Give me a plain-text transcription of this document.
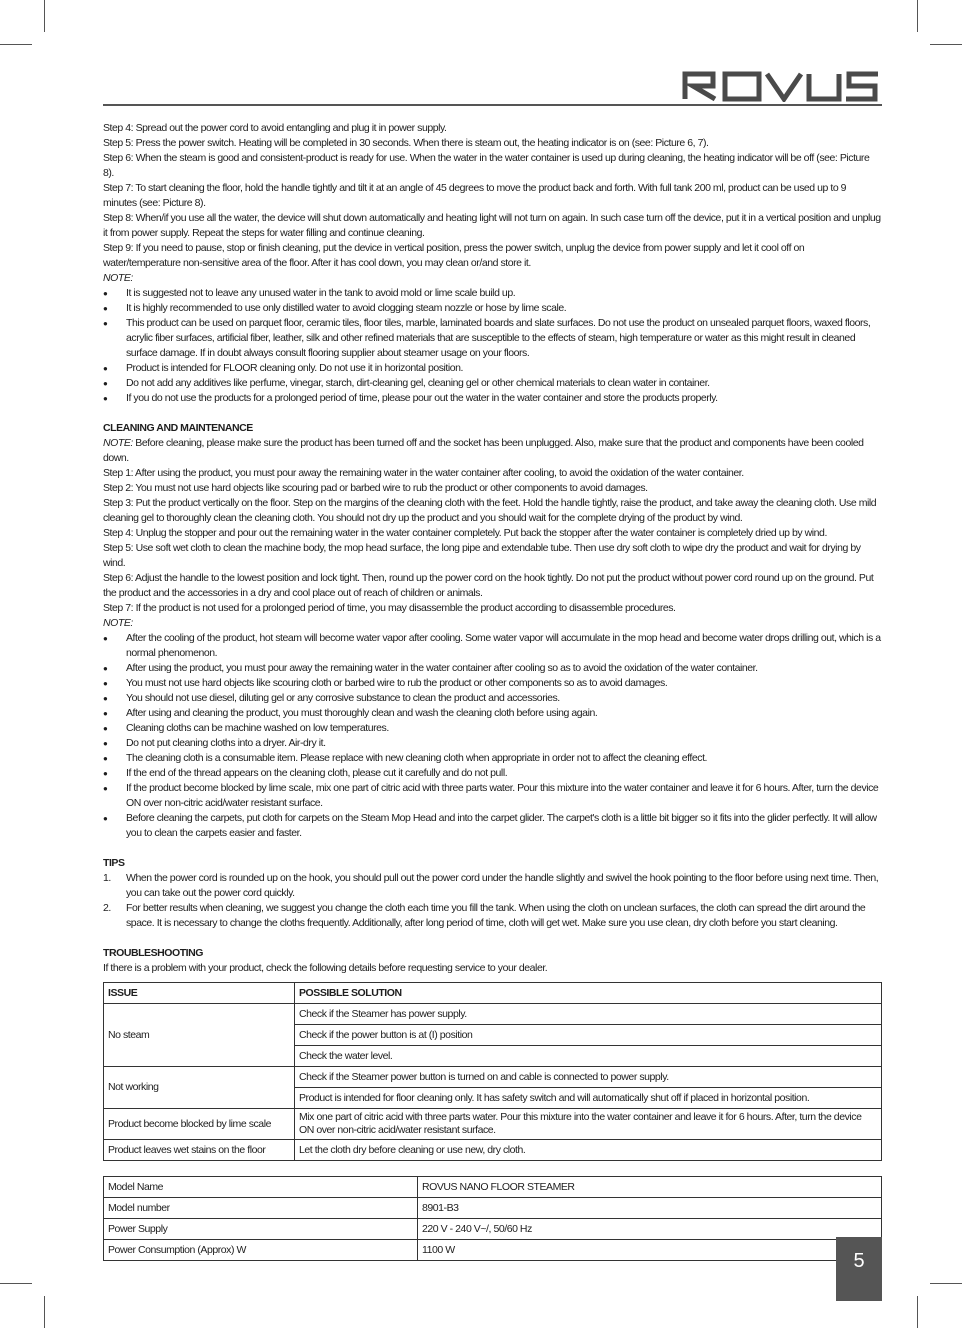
Step 4: Spread out the power cord to avoid entangling and plug it in power supply.

Step 5: Press the power switch. Heating will be completed in 30 seconds. When there is steam out, the heating indicator is on (see: Picture 6, 7).

Step 6: When the steam is good and consistent-product is ready for use. When the water in the water container is used up during cleaning, the heating indicator will be off (see: Picture 8).

Step 7: To start cleaning the floor, hold the handle tightly and tilt it at an angle of 45 degrees to move the product back and forth. With full tank 200 ml, product can be used up to 9 minutes (see: Picture 8).

Step 8: When/if you use all the water, the device will shut down automatically and heating light will not turn on again. In such case turn off the device, put it in a vertical position and unplug it from power supply. Repeat the steps for water filling and continue cleaning.

Step 9: If you need to pause, stop or finish cleaning, put the device in vertical position, press the power switch, unplug the device from power supply and let it cool off on water/temperature non-sensitive area of the floor. After it has cool down, you may clean or/and store it.

NOTE:

● It is suggested not to leave any unused water in the tank to avoid mold or lime scale build up.
● It is highly recommended to use only distilled water to avoid clogging steam nozzle or hose by lime scale.
● This product can be used on parquet floor, ceramic tiles, floor tiles, marble, laminated boards and slate surfaces. Do not use the product on unsealed parquet floors, waxed floors, acrylic fiber surfaces, artificial fiber, leather, silk and other refined materials that are susceptible to the effects of steam, high temperature or water as this might result in cleaned surface damage. If in doubt always consult flooring supplier about steamer usage on your floors.
● Product is intended for FLOOR cleaning only. Do not use it in horizontal position.
● Do not add any additives like perfume, vinegar, starch, dirt-cleaning gel, cleaning gel or other chemical materials to clean water in container.
● If you do not use the products for a prolonged period of time, please pour out the water in the water container and store the products properly.

CLEANING AND MAINTENANCE

NOTE: Before cleaning, please make sure the product has been turned off and the socket has been unplugged. Also, make sure that the product and components have been cooled down.

Step 1: After using the product, you must pour away the remaining water in the water container after cooling, to avoid the oxidation of the water container.

Step 2: You must not use hard objects like scouring pad or barbed wire to rub the product or other components to avoid damages.

Step 3: Put the product vertically on the floor. Step on the margins of the cleaning cloth with the feet. Hold the handle tightly, raise the product, and take away the cleaning cloth. Use mild cleaning gel to thoroughly clean the cleaning cloth. You should not dry up the product and you should wait for the complete drying of the product by wind.

Step 4: Unplug the stopper and pour out the remaining water in the water container completely. Put back the stopper after the water container is completely dried up by wind.

Step 5: Use soft wet cloth to clean the machine body, the mop head surface, the long pipe and extendable tube. Then use dry soft cloth to wipe dry the product and wait for drying by wind.

Step 6: Adjust the handle to the lowest position and lock tight. Then, round up the power cord on the hook tightly. Do not put the product without power cord round up on the ground. Put the product and the accessories in a dry and cool place out of reach of children or animals.

Step 7: If the product is not used for a prolonged period of time, you may disassemble the product according to disassemble procedures.

NOTE:

● After the cooling of the product, hot steam will become water vapor after cooling. Some water vapor will accumulate in the mop head and become water drops drilling out, which is a normal phenomenon.
● After using the product, you must pour away the remaining water in the water container after cooling so as to avoid the oxidation of the water container.
● You must not use hard objects like scouring cloth or barbed wire to rub the product or other components so as to avoid damages.
● You should not use diesel, diluting gel or any corrosive substance to clean the product and accessories.
● After using and cleaning the product, you must thoroughly clean and wash the cleaning cloth before using again.
● Cleaning cloths can be machine washed on low temperatures.
● Do not put cleaning cloths into a dryer. Air-dry it.
● The cleaning cloth is a consumable item. Please replace with new cleaning cloth when appropriate in order not to affect the cleaning effect.
● If the end of the thread appears on the cleaning cloth, please cut it carefully and do not pull.
● If the product become blocked by lime scale, mix one part of citric acid with three parts water. Pour this mixture into the water container and leave it for 6 hours. After, turn the device ON over non-citric acid/water resistant surface.
● Before cleaning the carpets, put cloth for carpets on the Steam Mop Head and into the carpet glider. The carpet's cloth is a little bit bigger so it fits into the glider perfectly. It will allow you to clean the carpets easier and faster.

TIPS

1. When the power cord is rounded up on the hook, you should pull out the power cord under the handle slightly and swivel the hook pointing to the floor before using next time. Then, you can take out the power cord quickly.
2. For better results when cleaning, we suggest you change the cloth each time you fill the tank. When using the cloth on unclean surfaces, the cloth can spread the dirt around the space. It is necessary to change the cloths frequently. Additionally, after long period of time, cloth will get wet. Make sure you use clean, dry cloth before you start cleaning.

TROUBLESHOOTING

If there is a problem with your product, check the following details before requesting service to your dealer.

ISSUE	POSSIBLE SOLUTION
No steam	Check if the Steamer has power supply.
	Check if the power button is at (I) position
	Check the water level.
Not working	Check if the Steamer power button is turned on and cable is connected to power supply.
	Product is intended for floor cleaning only. It has safety switch and will automatically shut off if placed in horizontal position.
Product become blocked by lime scale	Mix one part of citric acid with three parts water. Pour this mixture into the water container and leave it for 6 hours. After, turn the device ON over non-citric acid/water resistant surface.
Product leaves wet stains on the floor	Let the cloth dry before cleaning or use new, dry cloth.
Model Name	ROVUS NANO FLOOR STEAMER
Model number	8901-B3
Power Supply	220 V - 240 V~/, 50/60 Hz
Power Consumption (Approx) W	1100 W
5
